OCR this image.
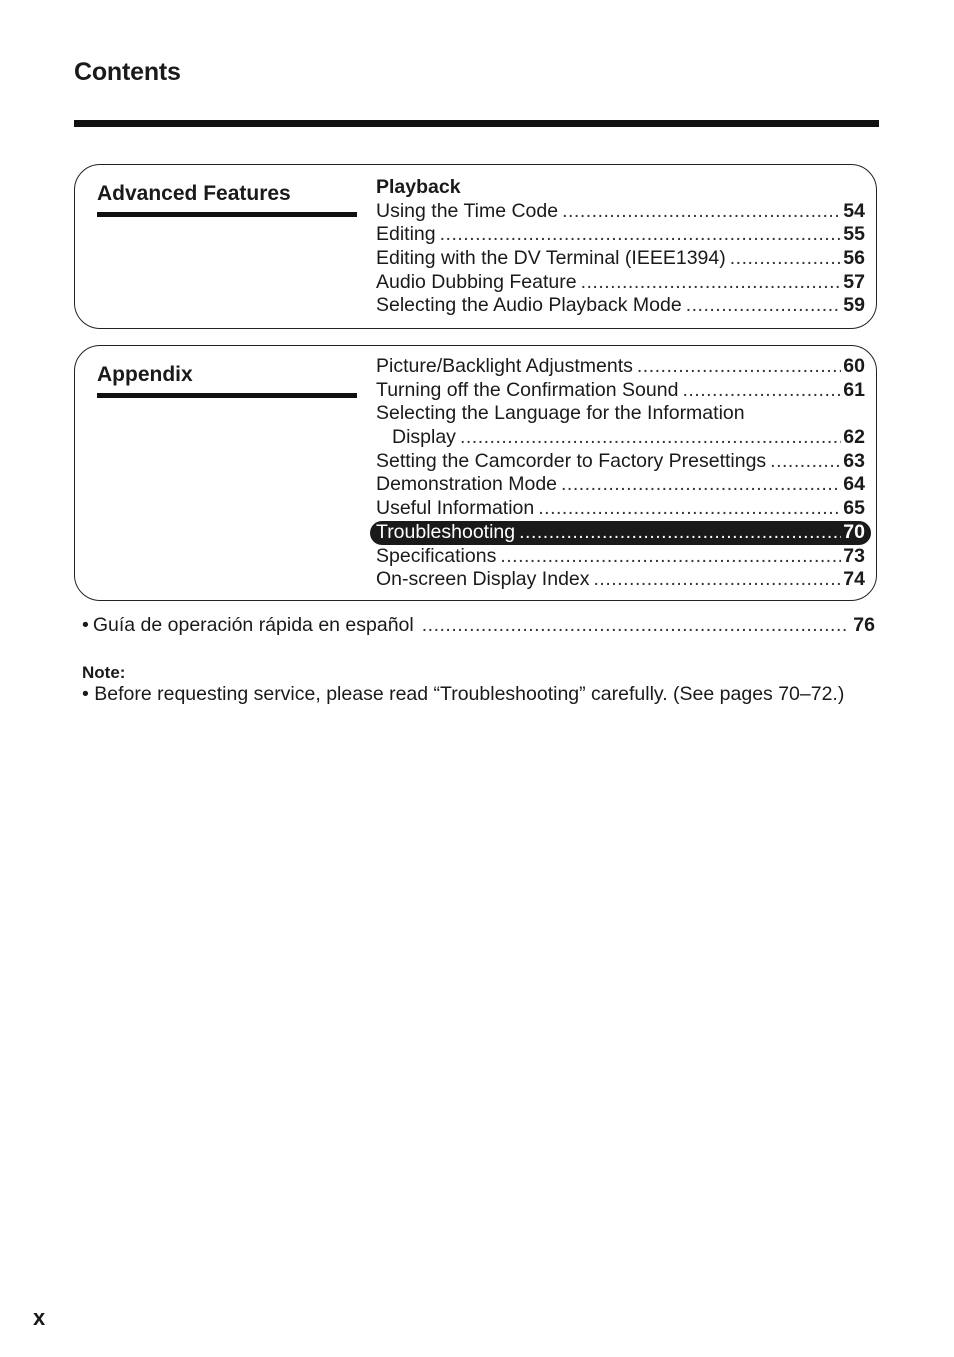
Contents
Advanced Features	Playback
Using the Time Code .....	54
Editing .....	55
Editing with the DV Terminal (IEEE1394) .....	56
Audio Dubbing Feature .....	57
Selecting the Audio Playback Mode .....	59
Appendix	Picture/Backlight Adjustments .....	60
Turning off the Confirmation Sound .....	61
Selecting the Language for the Information
Display .....	62
Setting the Camcorder to Factory Presettings .....	63
Demonstration Mode .....	64
Useful Information .....	65
Troubleshooting .....	70
Specifications .....	73
On-screen Display Index .....	74
• Guía de operación rápida en español .....	76
Note:
• Before requesting service, please read “Troubleshooting” carefully. (See pages 70–72.)
x
